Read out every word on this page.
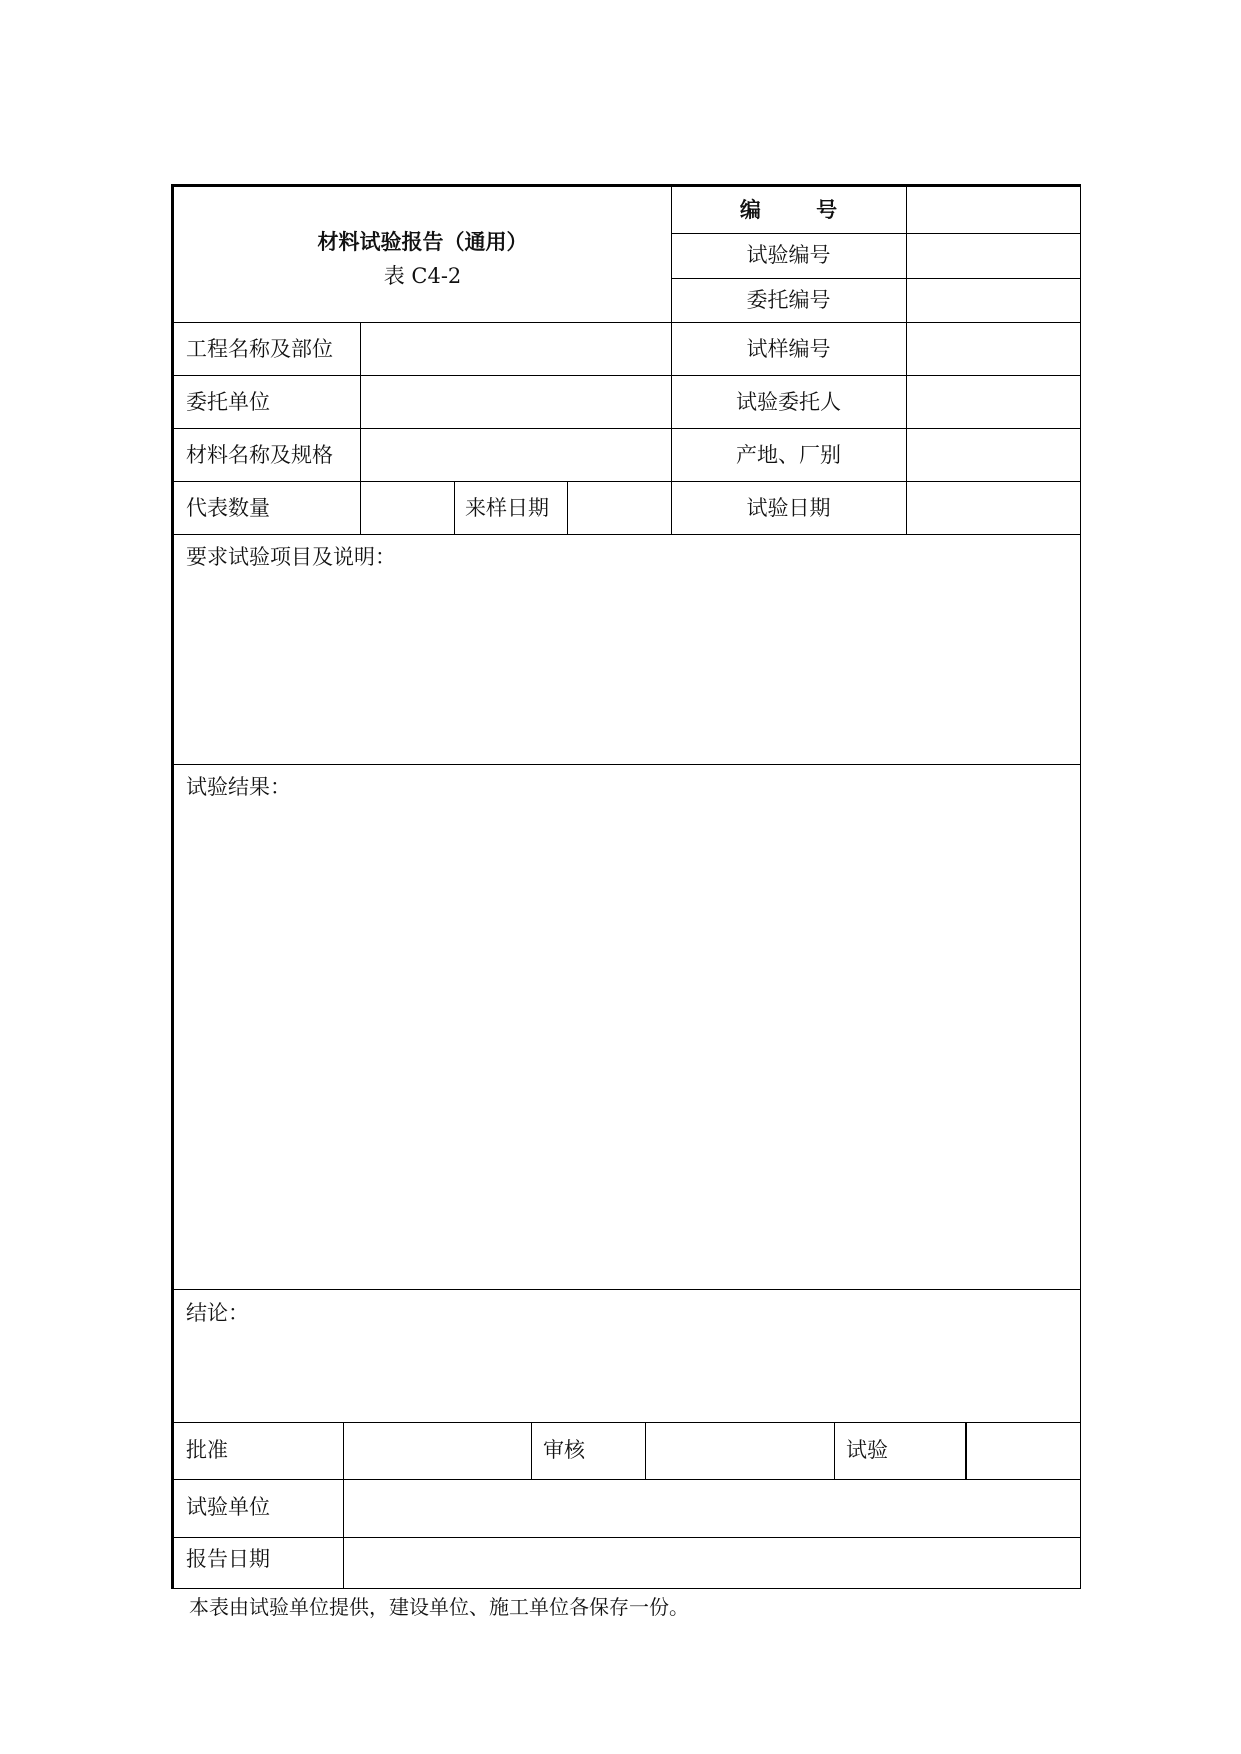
材料试验报告（通用）
表 C4-2
编 号
试验编号
委托编号
工程名称及部位	试样编号
委托单位	试验委托人
材料名称及规格	产地、厂别
代表数量	来样日期	试验日期
要求试验项目及说明：
试验结果：
结论：
批准	审核	试验
试验单位
报告日期
本表由试验单位提供，建设单位、施工单位各保存一份。
